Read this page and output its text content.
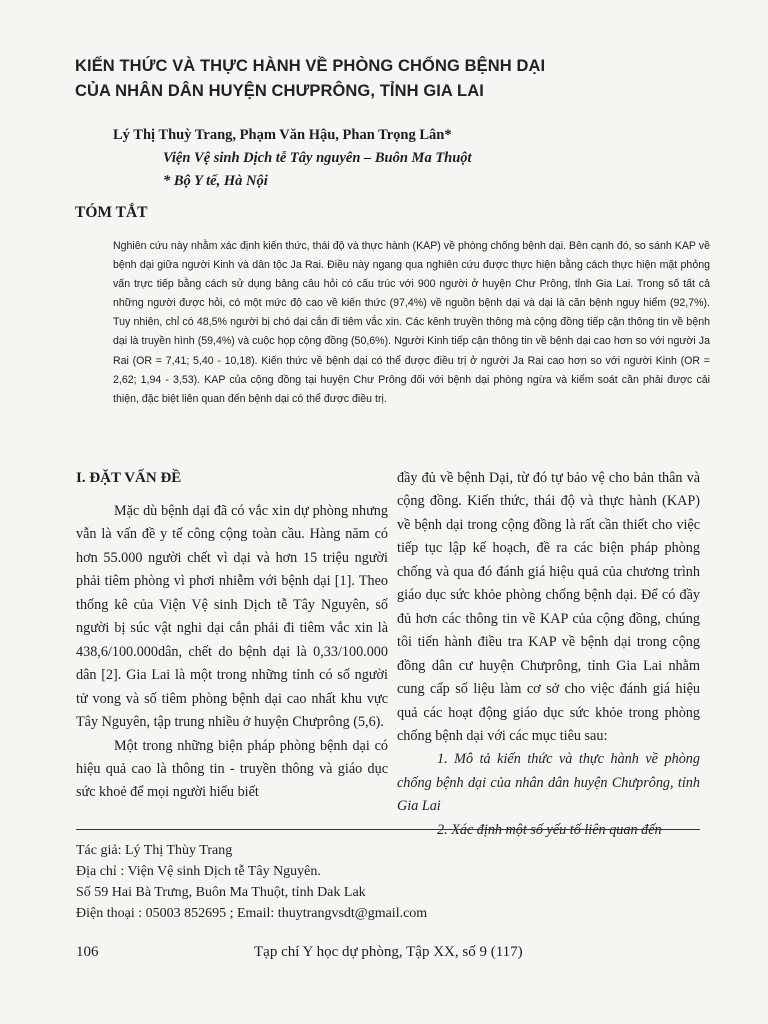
KIẾN THỨC VÀ THỰC HÀNH VỀ PHÒNG CHỐNG BỆNH DẠI
CỦA NHÂN DÂN HUYỆN CHƯPRÔNG, TỈNH GIA LAI
Lý Thị Thuỳ Trang, Phạm Văn Hậu, Phan Trọng Lân*
Viện Vệ sinh Dịch tễ Tây nguyên – Buôn Ma Thuột
* Bộ Y tế, Hà Nội
TÓM TẮT

Nghiên cứu này nhằm xác định kiến thức, thái độ và thực hành (KAP) về phòng chống bệnh dại. Bên cạnh đó, so sánh KAP về bệnh dại giữa người Kinh và dân tộc Ja Rai. Điều này ngang qua nghiên cứu được thực hiện bằng cách thực hiện mặt phỏng vấn trực tiếp bằng cách sử dụng bảng câu hỏi có cấu trúc với 900 người ở huyện Chư Prông, tỉnh Gia Lai. Trong số tất cả những người được hỏi, có một mức độ cao về kiến thức (97,4%) về nguồn bệnh dại và dại là căn bệnh nguy hiểm (92,7%). Tuy nhiên, chỉ có 48,5% người bị chó dại cắn đi tiêm vắc xin. Các kênh truyền thông mà cộng đồng tiếp cận thông tin về bệnh dại là truyền hình (59,4%) và cuộc họp cộng đồng (50,6%). Người Kinh tiếp cận thông tin về bệnh dại cao hơn so với người Ja Rai (OR = 7,41; 5,40 - 10,18). Kiến thức về bệnh dại có thể được điều trị ở người Ja Rai cao hơn so với người Kinh (OR = 2,62; 1,94 - 3,53). KAP của cộng đồng tại huyện Chư Prông đối với bệnh dại phòng ngừa và kiểm soát cần phải được cải thiện, đặc biệt liên quan đến bệnh dại có thể được điều trị.

I. ĐẶT VẤN ĐỀ

Mặc dù bệnh dại đã có vắc xin dự phòng nhưng vẫn là vấn đề y tế công cộng toàn cầu. Hàng năm có hơn 55.000 người chết vì dại và hơn 15 triệu người phải tiêm phòng vì phơi nhiễm với bệnh dại [1]. Theo thống kê của Viện Vệ sinh Dịch tễ Tây Nguyên, số người bị súc vật nghi dại cắn phải đi tiêm vắc xin là 438,6/100.000dân, chết do bệnh dại là 0,33/100.000 dân [2]. Gia Lai là một trong những tỉnh có số người tử vong và số tiêm phòng bệnh dại cao nhất khu vực Tây Nguyên, tập trung nhiều ở huyện Chưprông (5,6).

Một trong những biện pháp phòng bệnh dại có hiệu quả cao là thông tin - truyền thông và giáo dục sức khoẻ để mọi người hiểu biết

đầy đủ về bệnh Dại, từ đó tự bảo vệ cho bản thân và cộng đồng. Kiến thức, thái độ và thực hành (KAP) về bệnh dại trong cộng đồng là rất cần thiết cho việc tiếp tục lập kế hoạch, đề ra các biện pháp phòng chống và qua đó đánh giá hiệu quả của chương trình giáo dục sức khỏe phòng chống bệnh dại. Để có đầy đủ hơn các thông tin về KAP của cộng đồng, chúng tôi tiến hành điều tra KAP về bệnh dại trong cộng đồng dân cư huyện Chưprông, tỉnh Gia Lai nhằm cung cấp số liệu làm cơ sở cho việc đánh giá hiệu quả các hoạt động giáo dục sức khỏe trong phòng chống bệnh dại với các mục tiêu sau:

1. Mô tả kiến thức và thực hành về phòng chống bệnh dại của nhân dân huyện Chưprông, tỉnh Gia Lai

2. Xác định một số yếu tố liên quan đến

Tác giả: Lý Thị Thùy Trang
Địa chỉ : Viện Vệ sinh Dịch tễ Tây Nguyên.
Số 59 Hai Bà Trưng, Buôn Ma Thuột, tỉnh Dak Lak
Điện thoại : 05003 852695 ; Email: thuytrangvsdt@gmail.com
106	Tạp chí Y học dự phòng, Tập XX, số 9 (117)
